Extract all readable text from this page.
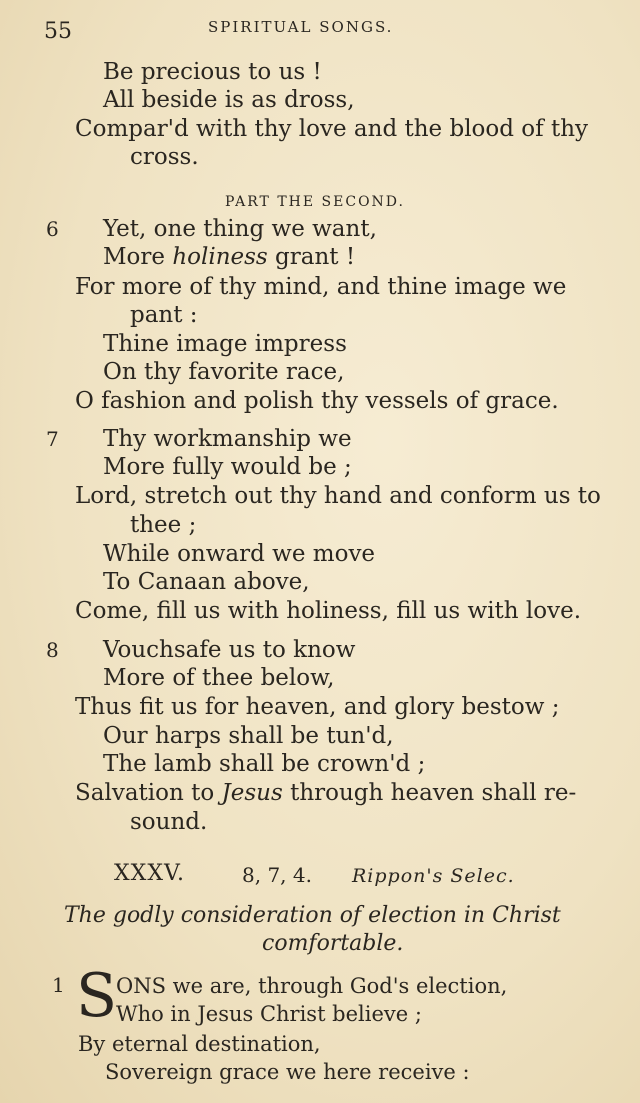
55	SPIRITUAL SONGS.
Be precious to us !
All beside is as dross,
Compar'd with thy love and the blood of thy
cross.
PART THE SECOND.
6 Yet, one thing we want,
More holiness grant !
For more of thy mind, and thine image we
pant :
Thine image impress
On thy favorite race,
O fashion and polish thy vessels of grace.
7 Thy workmanship we
More fully would be ;
Lord, stretch out thy hand and conform us to
thee ;
While onward we move
To Canaan above,
Come, fill us with holiness, fill us with love.
8 Vouchsafe us to know
More of thee below,
Thus fit us for heaven, and glory bestow ;
Our harps shall be tun'd,
The lamb shall be crown'd ;
Salvation to Jesus through heaven shall re-
sound.
XXXV.	8, 7, 4. Rippon's Selec.
The godly consideration of election in Christ
comfortable.
1 S
ONS we are, through God's election,
Who in Jesus Christ believe ;
By eternal destination,
Sovereign grace we here receive :
